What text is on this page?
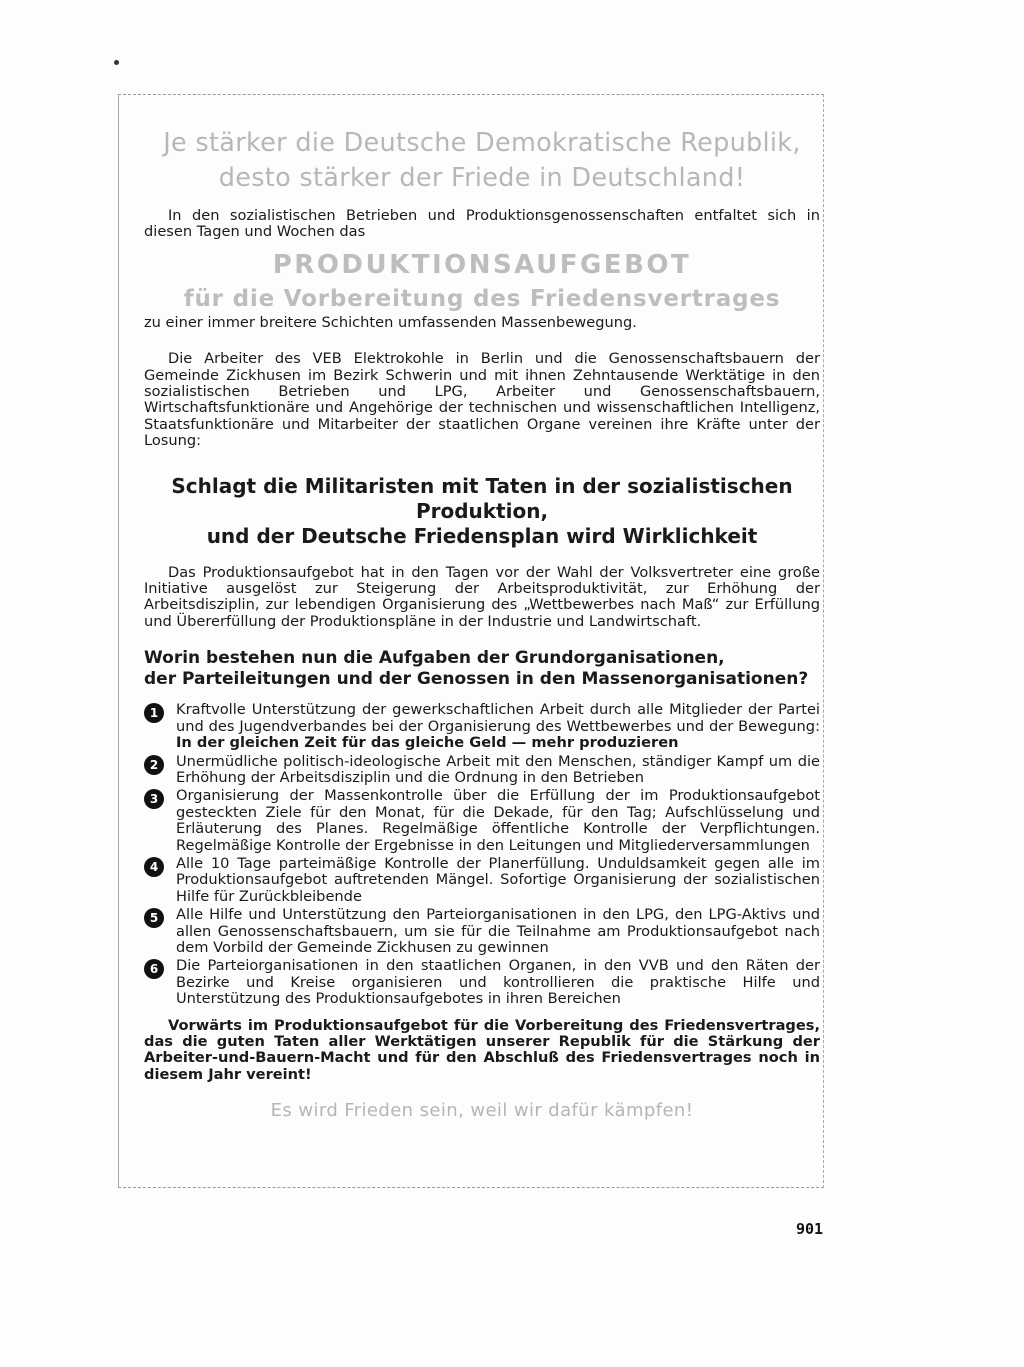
Je stärker die Deutsche Demokratische Republik,

desto stärker der Friede in Deutschland!

In den sozialistischen Betrieben und Produktionsgenossenschaften entfaltet sich in diesen Tagen und Wochen das

PRODUKTIONSAUFGEBOT

für die Vorbereitung des Friedensvertrages

zu einer immer breitere Schichten umfassenden Massenbewegung.

Die Arbeiter des VEB Elektrokohle in Berlin und die Genossenschaftsbauern der Gemeinde Zickhusen im Bezirk Schwerin und mit ihnen Zehntausende Werktätige in den sozialistischen Betrieben und LPG, Arbeiter und Genossenschaftsbauern, Wirtschaftsfunktionäre und Angehörige der technischen und wissenschaftlichen Intelligenz, Staatsfunktionäre und Mitarbeiter der staatlichen Organe vereinen ihre Kräfte unter der Losung:

Schlagt die Militaristen mit Taten in der sozialistischen Produktion,

und der Deutsche Friedensplan wird Wirklichkeit

Das Produktionsaufgebot hat in den Tagen vor der Wahl der Volksvertreter eine große Initiative ausgelöst zur Steigerung der Arbeitsproduktivität, zur Erhöhung der Arbeitsdisziplin, zur lebendigen Organisierung des „Wettbewerbes nach Maß“ zur Erfüllung und Übererfüllung der Produktionspläne in der Industrie und Landwirtschaft.

Worin bestehen nun die Aufgaben der Grundorganisationen,

der Parteileitungen und der Genossen in den Massenorganisationen?

1	Kraftvolle Unterstützung der gewerkschaftlichen Arbeit durch alle Mitglieder der Partei und des Jugendverbandes bei der Organisierung des Wettbewerbes und der Bewegung: In der gleichen Zeit für das gleiche Geld — mehr produzieren

2	Unermüdliche politisch-ideologische Arbeit mit den Menschen, ständiger Kampf um die Erhöhung der Arbeitsdisziplin und die Ordnung in den Betrieben

3	Organisierung der Massenkontrolle über die Erfüllung der im Produktionsaufgebot gesteckten Ziele für den Monat, für die Dekade, für den Tag; Aufschlüsselung und Erläuterung des Planes. Regelmäßige öffentliche Kontrolle der Verpflichtungen. Regelmäßige Kontrolle der Ergebnisse in den Leitungen und Mitgliederversammlungen

4	Alle 10 Tage parteimäßige Kontrolle der Planerfüllung. Unduldsamkeit gegen alle im Produktionsaufgebot auftretenden Mängel. Sofortige Organisierung der sozialistischen Hilfe für Zurückbleibende

5	Alle Hilfe und Unterstützung den Parteiorganisationen in den LPG, den LPG-Aktivs und allen Genossenschaftsbauern, um sie für die Teilnahme am Produktionsaufgebot nach dem Vorbild der Gemeinde Zickhusen zu gewinnen

6	Die Parteiorganisationen in den staatlichen Organen, in den VVB und den Räten der Bezirke und Kreise organisieren und kontrollieren die praktische Hilfe und Unterstützung des Produktionsaufgebotes in ihren Bereichen

Vorwärts im Produktionsaufgebot für die Vorbereitung des Friedensvertrages, das die guten Taten aller Werktätigen unserer Republik für die Stärkung der Arbeiter-und-Bauern-Macht und für den Abschluß des Friedensvertrages noch in diesem Jahr vereint!

Es wird Frieden sein, weil wir dafür kämpfen!

901
